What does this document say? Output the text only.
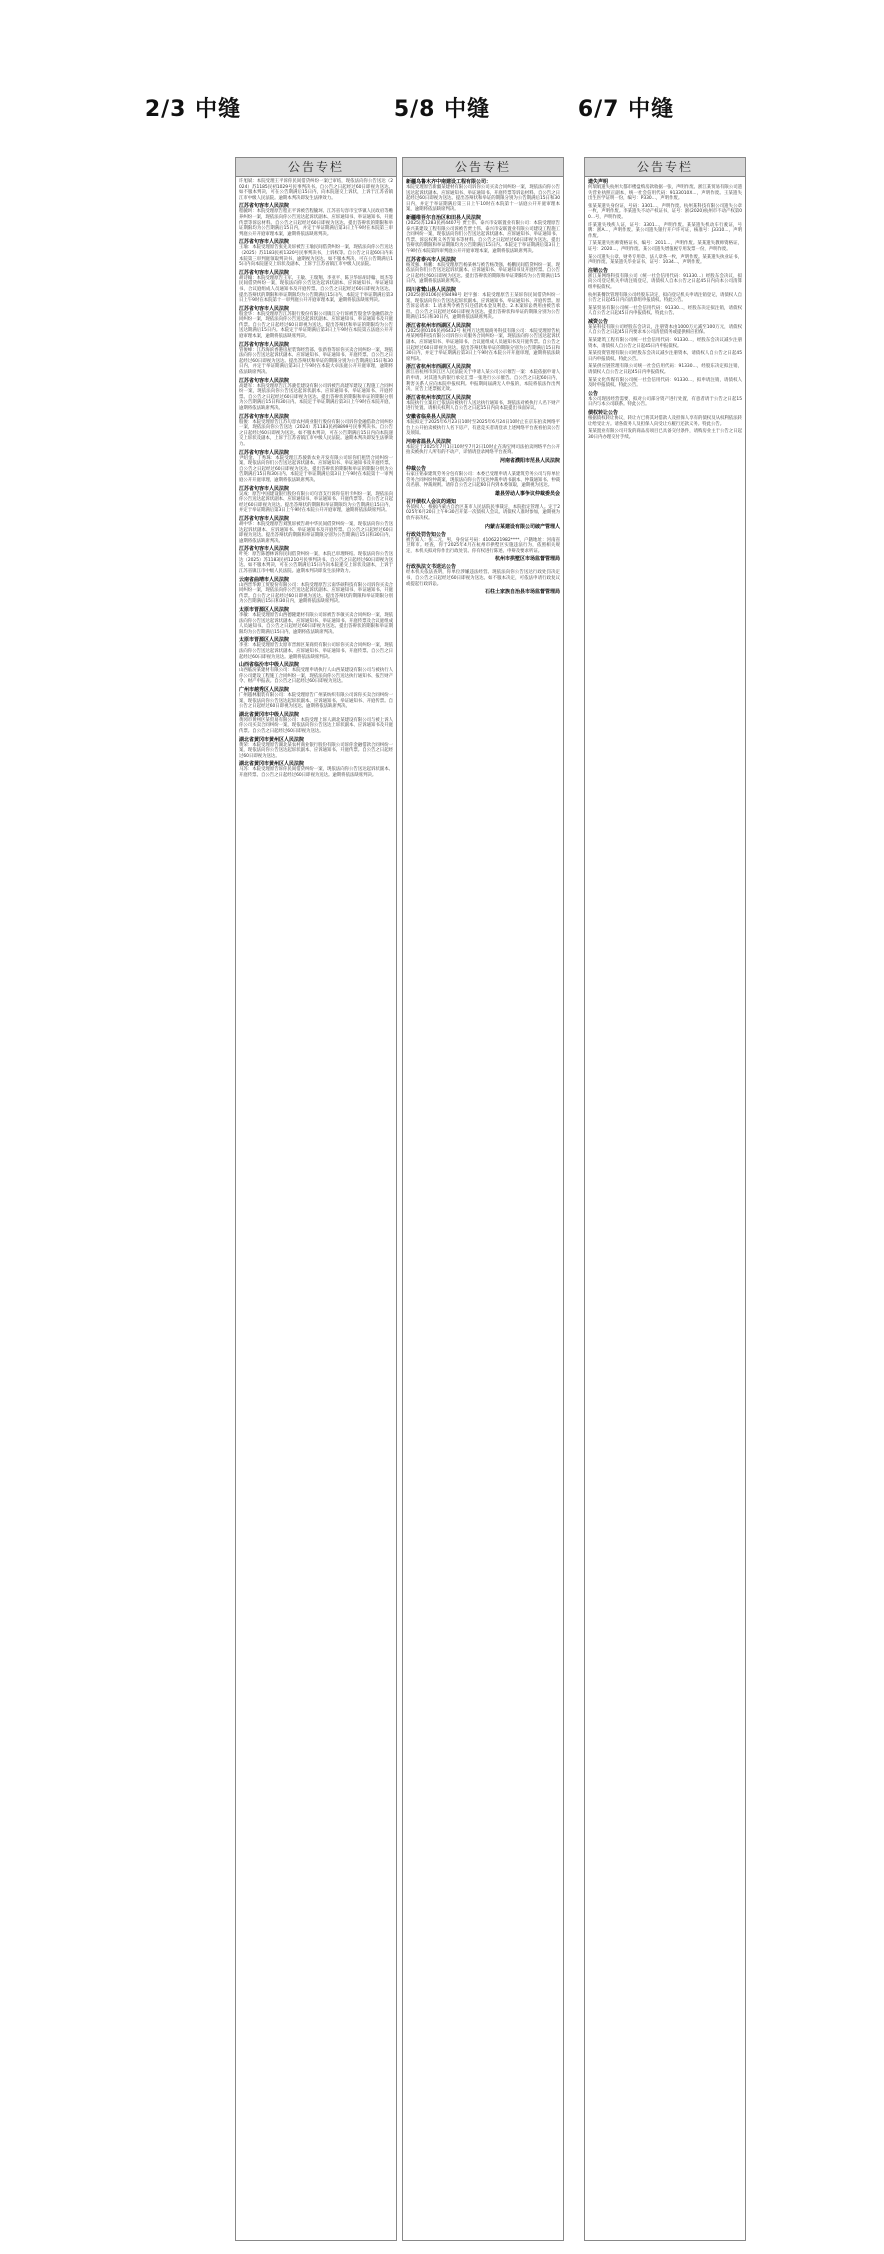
2/3 中缝	5/8 中缝	6/7 中缝
公告专栏
许旭斌：本院受理王平诉你民间借贷纠纷一案已审结，现依法向你公告送达（2024）苏1185民初1029号民事判决书。自公告之日起经过60日即视为送达。如不服本判决，可在公告期满后15日内，向本院递交上诉状，上诉于江苏省镇江市中级人民法院。逾期本判决即发生法律效力。
江苏省句容市人民法院
程毓珂：本院受理原告程正平诉被告程毓珂、江苏省句容市宝华镇人民政府等赡养纠纷一案，现依法向你公告送达起诉状副本、应诉通知书、举证通知书、开庭传票等诉讼材料。自公告之日起经过60日即视为送达。提出答辩状的期限和举证期限均为公告期满后15日内，并定于举证期满后第3日上午9时在本院第三审判庭公开开庭审理本案，逾期将依法缺席判决。
江苏省句容市人民法院
王瑜：本院受理原告张先炎诉被告王瑜民间借贷纠纷一案，现依法向你公告送达（2025）苏1183民初1320号民事判决书，上诉权等。自公告之日起60日内来本院第三审判庭领取判决书，逾期视为送达。如不服本判决，可在公告期满后15日内向本院递交上诉状及副本，上诉于江苏省镇江市中级人民法院。
江苏省句容市人民法院
胡诗翰：本院受理原告王军、王敏、王瑞翔、李亚平、陈卫华诉胡诗翰、周杰等民间借贷纠纷一案，现依法向你公告送达起诉状副本、应诉通知书、举证通知书、合议庭组成人员通知书及开庭传票。自公告之日起经过60日即视为送达。提出答辩状的期限和举证期限均为公告期满后15日内，本院定于举证期满后第3日上午9时在本院第十一审判庭公开开庭审理本案，逾期将依法缺席判决。
江苏省句容市人民法院
殷金华：本院受理原告江苏银行股份有限公司镇江分行诉被告殷金华金融借款合同纠纷一案，现依法向你公告送达起诉状副本、应诉通知书、举证通知书及开庭传票。自公告之日起经过60日即视为送达。提出答辩状和举证的期限均为公告送达期满后15日内。本院定于举证期满后第3日上午9时在本院第五法庭公开开庭审理本案，逾期将依法缺席判决。
江苏省句容市人民法院
管俊峰：江苏海滨香港房屋装饰经营部、张新春等诉你买卖合同纠纷一案，现依法向你公告送达起诉状副本、应诉通知书、举证通知书、开庭传票。自公告之日起经过60日即视为送达。提出答辩状和举证的期限分别为公告期满后15日和30日内，并定于举证期满后第3日上午9时在本院大卓法庭公开开庭审理，逾期将依法缺席判决。
江苏省句容市人民法院
高建军：本院受理原告江苏骏佳建设有限公司诉被告高建军建设工程施工合同纠纷一案，现依法向你公告送达起诉状副本、应诉通知书、举证通知书、开庭传票。自公告之日起经过60日即视为送达。提出答辩状的期限和举证的期限分别为公告期满后15日和30日内。本院定于举证期满后第3日上午9时在本院开庭，逾期将依法缺席判决。
江苏省句容市人民法院
殷俊：本院受理原告江苏句容农村商业银行股份有限公司诉你金融借款合同纠纷一案，现依法向你公告送达（2024）苏1183民初8899号民事判决书。自公告之日起经过60日即视为送达。如不服本判决，可在公告期满后15日内向本院递交上诉状及副本，上诉于江苏省镇江市中级人民法院。逾期本判决即发生法律效力。
江苏省句容市人民法院
尹绍金、丁秀珠：本院受理江苏骏新农业开发有限公司诉你们租赁合同纠纷一案，现依法向你们公告送达起诉状副本、应诉通知书、举证通知书及开庭传票。自公告之日起经过60日即视为送达。提出答辩状的期限和举证的期限分别为公告期满后15日和30日内。本院定于举证期满后第3日上午9时在本院第十一审判庭公开开庭审理，逾期将依法缺席判决。
江苏省句容市人民法院
吴成：原告中国建设银行股份有限公司句容支行诉你信用卡纠纷一案，现依法向你公告送达起诉状副本、应诉通知书、举证通知书、开庭传票等。自公告之日起经过60日即视为送达。提出答辩状的期限和举证期限均为公告期满后15日内，并定于举证期满后第3日上午9时在本院公开开庭审理，逾期将依法缺席判决。
江苏省句容市人民法院
胡中华：本院受理原告刘凯诉被告胡中华民间借贷纠纷一案，现依法向你公告送达起诉状副本、应诉通知书、举证通知书及开庭传票。自公告之日起经过60日即视为送达。提出答辩状的期限和举证期限分别为公告期满后15日和30日内，逾期将依法缺席判决。
江苏省句容市人民法院
叶英：原告陈德林诉你民间借贷纠纷一案，本院已审理终结。现依法向你公告送达（2025）苏1183民初1210号民事判决书。自公告之日起经过60日即视为送达。如不服本判决，可在公告期满后15日内向本院递交上诉状及副本，上诉于江苏省镇江市中级人民法院。逾期本判决即发生法律效力。
云南省曲靖市人民法院
山西晋华源工贸股份有限公司：本院受理原告云南华硕科技有限公司诉你买卖合同纠纷一案，现依法向你公告送达起诉状副本、应诉通知书、举证通知书、开庭传票。自公告之日起经过60日即视为送达。提出答辩状的期限和举证期限分别为公告期满后15日和30日内，逾期将依法缺席判决。
太原市晋源区人民法院
李敏：本院受理原告山西德隆建材有限公司诉被告李敏买卖合同纠纷一案，现依法向你公告送达起诉状副本、应诉通知书、举证通知书、开庭传票及合议庭组成人员通知书。自公告之日起经过60日即视为送达。提出答辩状的期限和举证期限均为公告期满后15日内，逾期将依法缺席判决。
太原市晋源区人民法院
李亚：本院受理原告太原市晋源区某商贸有限公司诉你买卖合同纠纷一案，现依法向你公告送达起诉状副本、应诉通知书、举证通知书、开庭传票。自公告之日起经过60日即视为送达。逾期将依法缺席判决。
山西省临汾市中级人民法院
山西临汾某建材有限公司：本院受理申请执行人山西某建设有限公司与被执行人你公司建设工程施工合同纠纷一案，现依法向你公告送达执行通知书、报告财产令、财产申报表。自公告之日起经过60日即视为送达。
广州市越秀区人民法院
广州越林服装有限公司：本院受理原告广州某纺织有限公司诉你买卖合同纠纷一案，现依法向你公告送达起诉状副本、应诉通知书、举证通知书、开庭传票。自公告之日起经过60日即视为送达。逾期将依法缺席判决。
湖北省黄冈市中级人民法院
黄冈市黄州区某贸易有限公司：本院受理上诉人湖北某建设有限公司与被上诉人你公司买卖合同纠纷一案，现依法向你公告送达上诉状副本、应诉通知书及开庭传票。自公告之日起经过60日即视为送达。
湖北省黄冈市黄州区人民法院
黄荣：本院受理原告湖北某农村商业银行股份有限公司诉你金融借款合同纠纷一案，现依法向你公告送达起诉状副本、应诉通知书、开庭传票。自公告之日起经过60日即视为送达。
湖北省黄冈市黄州区人民法院
马苏：本院受理原告诉你民间借贷纠纷一案，现依法向你公告送达起诉状副本、开庭传票。自公告之日起经过60日即视为送达。逾期将依法缺席判决。
公告专栏
新疆乌鲁木齐中南建设工程有限公司：
本院受理原告新疆某建材有限公司诉你公司买卖合同纠纷一案，现依法向你公告送达起诉状副本、应诉通知书、举证通知书、开庭传票等诉讼材料。自公告之日起经过60日即视为送达。提出答辩状和举证的期限分别为公告期满后15日和30日内，并定于举证期满后第三日上午10时在本院第十一法庭公开开庭审理本案，逾期将依法缺席判决。
新疆维吾尔自治区和田县人民法院
(2025)苏1283民初4407号 贾士伟、泰兴市安联置业有限公司：本院受理原告泰兴某建设工程有限公司诉被告贾士伟、泰兴市安联置业有限公司建设工程施工合同纠纷一案，现依法向你们公告送达起诉状副本、应诉通知书、举证通知书、传票、诉讼权利义务告知书等材料。自公告之日起经过60日即视为送达。提出答辩状的期限和举证期限均为公告期满后15日内。本院定于举证期满后第3日上午9时在本院第四审判庭公开开庭审理本案，逾期将依法缺席判决。
江苏省泰兴市人民法院
杨茂强、杨鹏：本院受理原告杨某林与被告杨茂强、杨鹏民间借贷纠纷一案，现依法向你们公告送达起诉状副本、应诉通知书、举证通知书及开庭传票。自公告之日起经过60日即视为送达。提出答辩状的期限和举证期限均为公告期满后15日内，逾期将依法缺席判决。
四川省鹫山县人民法院
(2025)浙0106民初8498号 赵宇强：本院受理原告王某诉你民间借贷纠纷一案，现依法向你公告送达起诉状副本、应诉通知书、举证通知书、开庭传票。原告诉讼请求：1.请求判令被告归还借款本金及利息；2.本案诉讼费用由被告承担。自公告之日起经过60日即视为送达。提出答辩状和举证的期限分别为公告期满后15日和30日内，逾期将依法缺席判决。
浙江省杭州市西湖区人民法院
(2025)浙0106民初6432号 杭州万达凯瑞商务科技有限公司：本院受理原告杭州某网络科技有限公司诉你公司服务合同纠纷一案，现依法向你公告送达起诉状副本、应诉通知书、举证通知书、合议庭组成人员通知书及开庭传票。自公告之日起经过60日即视为送达。提出答辩状和举证的期限分别为公告期满后15日和30日内，并定于举证期满后第3日上午9时在本院公开开庭审理，逾期将依法缺席判决。
浙江省杭州市西湖区人民法院
浙江省杭州市滨江区人民法院关于申请人某公司公示催告一案：本院依据申请人的申请，对其遗失的银行承兑汇票一张进行公示催告。自公告之日起60日内，利害关系人应向本院申报权利。申报期间届满无人申报的，本院将依法作出判决，宣告上述票据无效。
浙江省杭州市滨江区人民法院
本院执行立案后已依法向被执行人送达执行通知书，现依法对被执行人名下财产进行处置。请相关权利人自公告之日起15日内向本院提出书面异议。
安徽省临泉县人民法院
本院拟定于2025年6月23日10时至2025年6月24日10时止在京东拍卖网络平台上公开拍卖被执行人名下房产，有意竞买者请登录上述网络平台查看拍卖公告及须知。
河南省温县人民法院
本院定于2025年7月1日10时至7月2日10时止在淘宝网司法拍卖网络平台公开拍卖被执行人所有的不动产，详情请登录网络平台查询。
河南省濮阳市范县人民法院
仲裁公告
石家庄铭泰建筑劳务分包有限公司：本委已受理申请人某建筑劳务公司与你单位劳务合同纠纷仲裁案，现依法向你公告送达仲裁申请书副本、仲裁通知书、仲裁员名册、仲裁规则。请你自公告之日起60日内到本委领取，逾期视为送达。
雄县劳动人事争议仲裁委员会
召开债权人会议的通知
各债权人：根据内蒙古自治区某市人民法院民事裁定，本院指定管理人。定于2025年6月20日上午9:30召开第一次债权人会议。请债权人准时参加，逾期视为放弃表决权。
内蒙古某建设有限公司破产管理人
行政处罚告知公告
被告知人：张二元，男，身份证号码：4106221982****，户籍地址：河南省卫辉市。经查，你于2025年4月在杭州市拱墅区实施违法行为，依照相关规定，本机关拟对你作出行政处罚。你有权进行陈述、申辩及要求听证。
杭州市拱墅区市场监督管理局
行政执法文书送达公告
经本机关依法查明，你单位涉嫌违法经营。现依法向你公告送达行政处罚决定书，自公告之日起经过60日即视为送达。如不服本决定，可依法申请行政复议或提起行政诉讼。
石柱土家族自治县市场监督管理局
公告专栏
遗失声明
何瑞娟遗失杭州大都市楼盘购房款收据一张，声明作废。浙江某贸易有限公司遗失营业执照正副本，统一社会信用代码：9133010X...，声明作废。王某遗失出生医学证明一份，编号：P330...，声明作废。
张某某遗失身份证，号码：3301...，声明作废。杭州某科技有限公司遗失公章一枚，声明作废。李某遗失不动产权证书，证号：浙(2020)杭州市不动产权第00...号，声明作废。
许某遗失残疾人证，证号：3301...，声明作废。某某遗失机动车行驶证，号牌：浙A...，声明作废。某公司遗失银行开户许可证，核准号：J3310...，声明作废。
丁某某遗失医师资格证书，编号：2011...，声明作废。某某遗失教师资格证，证号：2020...，声明作废。某公司遗失增值税专用发票一份，声明作废。
某公司遗失公章、财务专用章、法人章各一枚，声明作废。某某遗失执业证书，声明作废。某某遗失毕业证书，证号：1034...，声明作废。
注销公告
浙江某网络科技有限公司（统一社会信用代码：91330...）经股东会决议，拟向公司登记机关申请注销登记，请债权人自本公告之日起45日内向本公司清算组申报债权。
杭州某餐饮管理有限公司经股东决定，拟向登记机关申请注销登记，请债权人自公告之日起45日内向清算组申报债权。特此公告。
某某贸易有限公司统一社会信用代码：91330...，经股东决定拟注销，请债权人自公告之日起45日内申报债权。特此公告。
减资公告
某某科技有限公司经股东会决议，注册资本由1000万元减至100万元，请债权人自公告之日起45日内要求本公司清偿债务或提供相应担保。
某某建筑工程有限公司统一社会信用代码：91330...，经股东会决议减少注册资本，请债权人自公告之日起45日内申报债权。
某某投资管理有限公司经股东会决议减少注册资本，请债权人自公告之日起45日内申报债权。特此公告。
某某供应链管理有限公司统一社会信用代码：91330...，经股东决定拟注销，请债权人自公告之日起45日内申报债权。
某某文化传媒有限公司统一社会信用代码：91330...，拟申请注销，请债权人及时申报债权。特此公告。
公告
本公司现因经营需要，拟对公司部分资产进行处置，有意者请于公告之日起15日内与本公司联系。特此公告。
债权转让公告
根据债权转让协议，转让方已将其对借款人及担保人享有的债权及从权利依法转让给受让方。请各债务人及担保人向受让方履行还款义务。特此公告。
某某置业有限公司开发的商品房项目已具备交付条件，请购房业主于公告之日起30日内办理交付手续。
